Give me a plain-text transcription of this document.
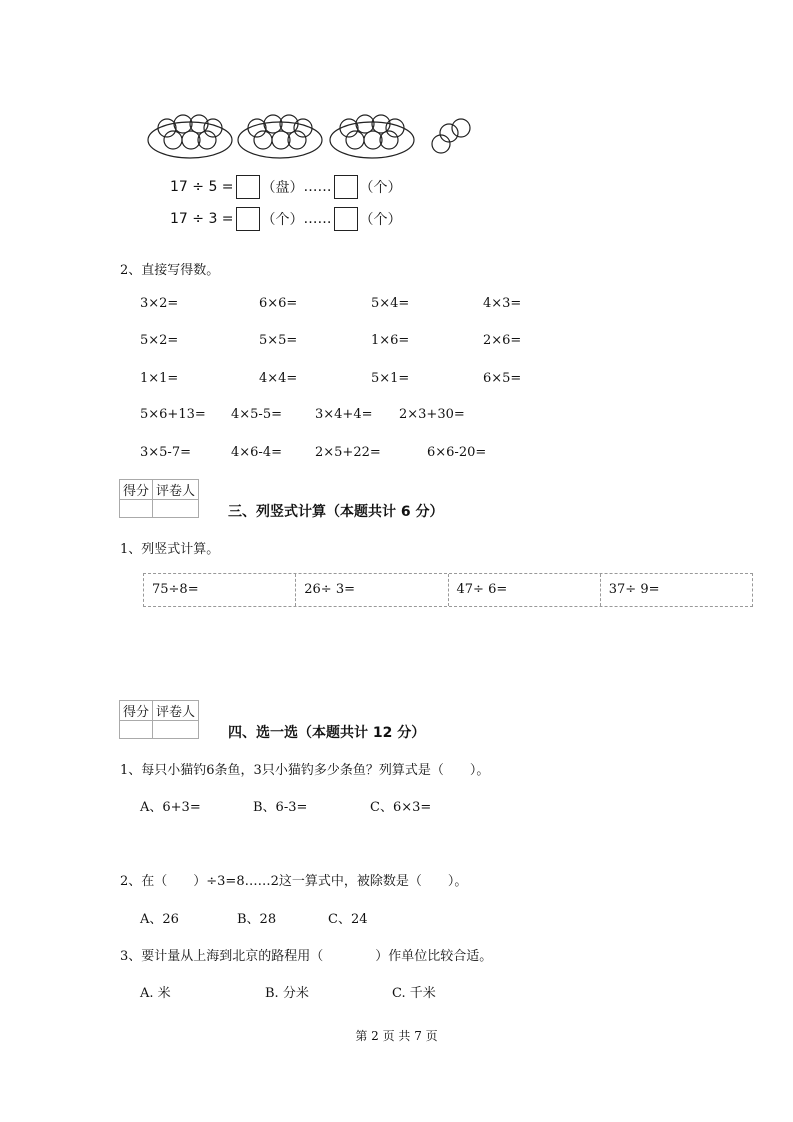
17 ÷ 5 = （盘） …… （个）
17 ÷ 3 = （个） …… （个）
2、直接写得数。
3×2=	6×6=	5×4=	4×3=
5×2=	5×5=	1×6=	2×6=
1×1=	4×4=	5×1=	6×5=
5×6+13= 4×5-5=	3×4+4= 2×3+30=
3×5-7=	4×6-4=	2×5+22=	6×6-20=
得分	评卷人

三、列竖式计算（本题共计 6 分）
1、列竖式计算。
75÷8=	26÷ 3=	47÷ 6=	37÷ 9=
得分	评卷人

四、选一选（本题共计 12 分）
1、每只小猫钓6条鱼，3只小猫钓多少条鱼？列算式是（　　）。
A、6+3=	B、6-3=	C、6×3=
2、在（　　）÷3=8……2这一算式中，被除数是（　　）。
A、26	B、28	C、24
3、要计量从上海到北京的路程用（　　　　）作单位比较合适。
A. 米	B. 分米	C. 千米
第 2 页 共 7 页
